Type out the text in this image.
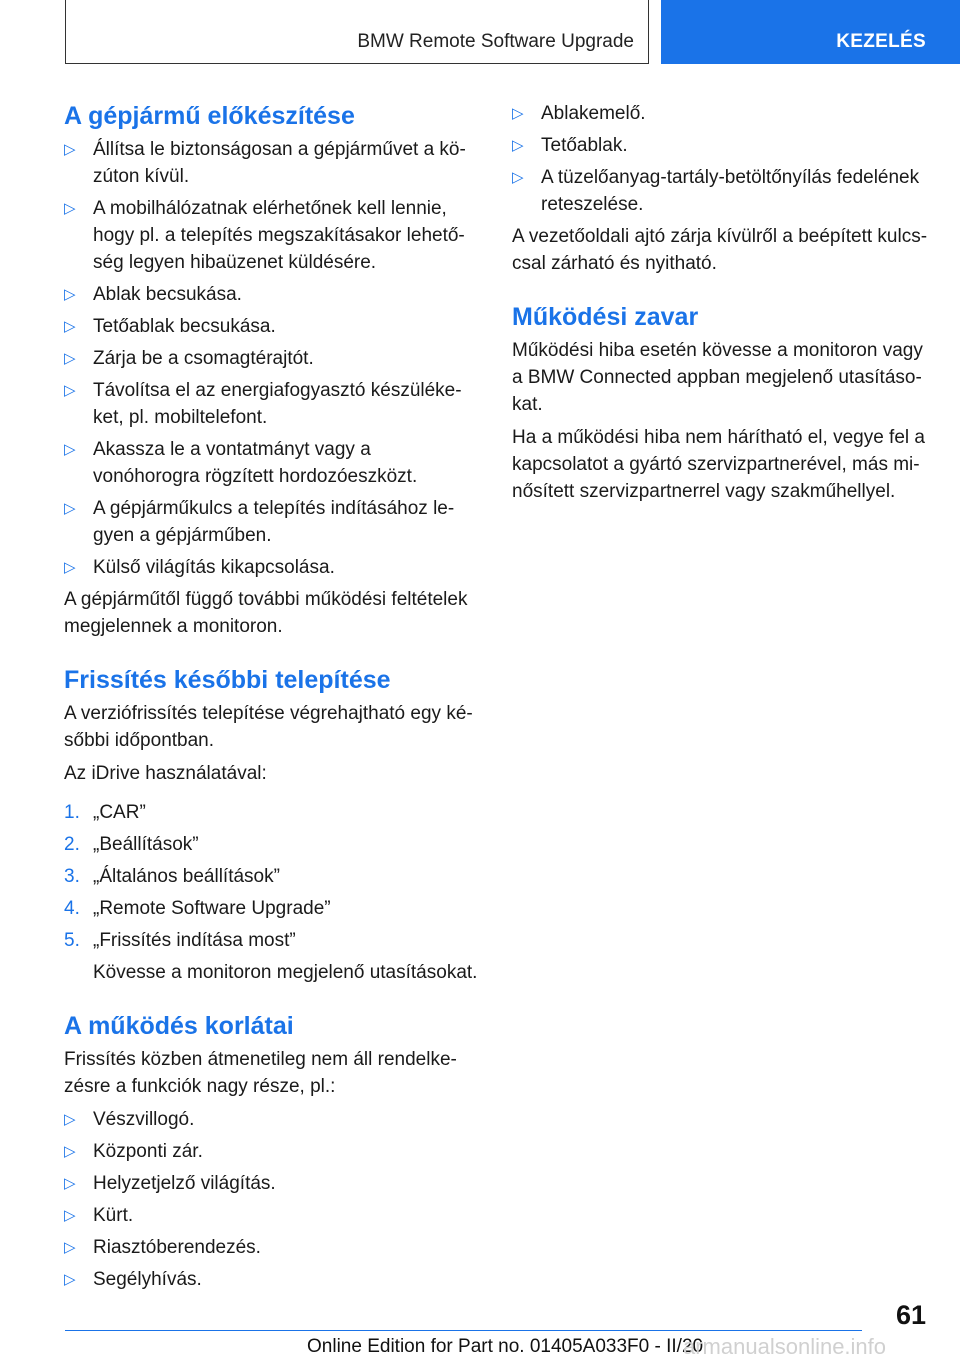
BMW Remote Software Upgrade	KEZELÉS
A gépjármű előkészítése
▷ Állítsa le biztonságosan a gépjárművet a kö-zúton kívül.
▷ A mobilhálózatnak elérhetőnek kell lennie, hogy pl. a telepítés megszakításakor lehető-ség legyen hibaüzenet küldésére.
▷ Ablak becsukása.
▷ Tetőablak becsukása.
▷ Zárja be a csomagtérajtót.
▷ Távolítsa el az energiafogyasztó készüléke-ket, pl. mobiltelefont.
▷ Akassza le a vontatmányt vagy a vonóhorogra rögzített hordozóeszközt.
▷ A gépjárműkulcs a telepítés indításához le-gyen a gépjárműben.
▷ Külső világítás kikapcsolása.

A gépjárműtől függő további működési feltételek megjelennek a monitoron.

Frissítés későbbi telepítése

A verziófrissítés telepítése végrehajtható egy ké-sőbbi időpontban.

Az iDrive használatával:

1. „CAR”
2. „Beállítások”
3. „Általános beállítások”
4. „Remote Software Upgrade”
5. „Frissítés indítása most”

Kövesse a monitoron megjelenő utasításokat.

A működés korlátai

Frissítés közben átmenetileg nem áll rendelke-zésre a funkciók nagy része, pl.:

▷ Vészvillogó.
▷ Központi zár.
▷ Helyzetjelző világítás.
▷ Kürt.
▷ Riasztóberendezés.
▷ Segélyhívás.
▷ Ablakemelő.
▷ Tetőablak.
▷ A tüzelőanyag-tartály-betöltőnyílás fedelének reteszelése.

A vezetőoldali ajtó zárja kívülről a beépített kulcs-csal zárható és nyitható.

Működési zavar

Működési hiba esetén kövesse a monitoron vagy a BMW Connected appban megjelenő utasításo-kat.

Ha a működési hiba nem hárítható el, vegye fel a kapcsolatot a gyártó szervizpartnerével, más mi-nősített szervizpartnerrel vagy szakműhellyel.

61
Online Edition for Part no. 01405A033F0 - II/20
armanualsonline.info
